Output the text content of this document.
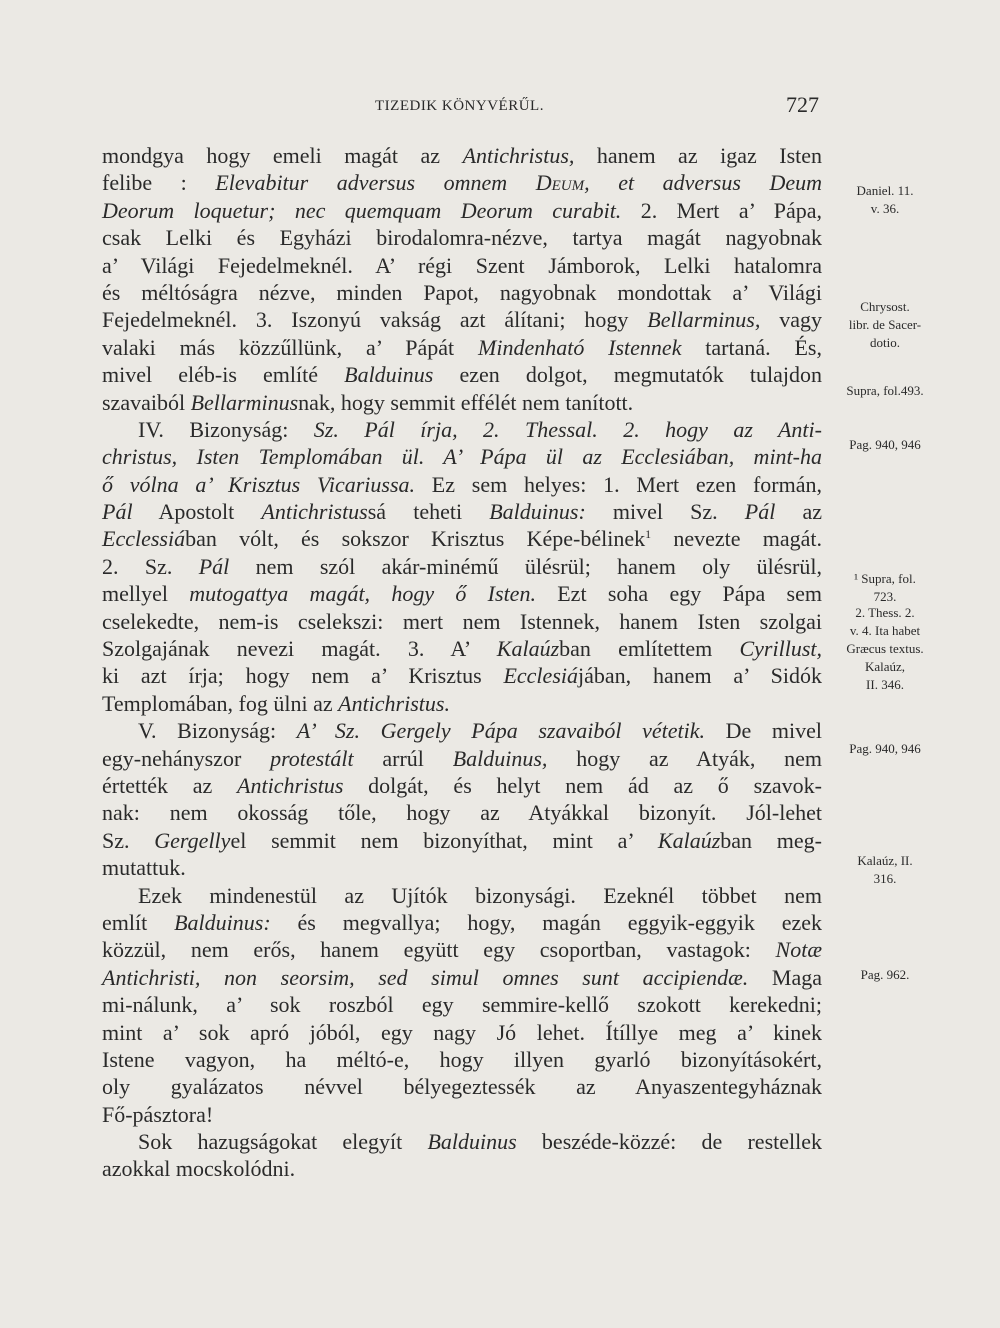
TIZEDIK KÖNYVÉRŰL.	727
mondgya hogy emeli magát az Antichristus, hanem az igaz Isten
felibe : Elevabitur adversus omnem Deum, et adversus Deum
Deorum loquetur; nec quemquam Deorum curabit. 2. Mert a’ Pápa,
csak Lelki és Egyházi birodalomra-nézve, tartya magát nagyobnak
a’ Világi Fejedelmeknél. A’ régi Szent Jámborok, Lelki hatalomra
és méltóságra nézve, minden Papot, nagyobnak mondottak a’ Világi
Fejedelmeknél. 3. Iszonyú vakság azt álítani; hogy Bellarminus, vagy
valaki más közzűllünk, a’ Pápát Mindenható Istennek tartaná. És,
mivel eléb-is említé Balduinus ezen dolgot, megmutatók tulajdon
szavaiból Bellarminusnak, hogy semmit effélét nem tanított.
IV. Bizonyság: Sz. Pál írja, 2. Thessal. 2. hogy az Anti-
christus, Isten Templomában ül. A’ Pápa ül az Ecclesiában, mint-ha
ő vólna a’ Krisztus Vicariussa. Ez sem helyes: 1. Mert ezen formán,
Pál Apostolt Antichristussá teheti Balduinus: mivel Sz. Pál az
Ecclessiában vólt, és sokszor Krisztus Képe-bélinek$^1$ nevezte magát.
2. Sz. Pál nem szól akár-minémű ülésrül; hanem oly ülésrül,
mellyel mutogattya magát, hogy ő Isten. Ezt soha egy Pápa sem
cselekedte, nem-is cselekszi: mert nem Istennek, hanem Isten szolgai
Szolgajának nevezi magát. 3. A’ Kalaúzban említettem Cyrillust,
ki azt írja; hogy nem a’ Krisztus Ecclesiájában, hanem a’ Sidók
Templomában, fog ülni az Antichristus.
V. Bizonyság: A’ Sz. Gergely Pápa szavaiból vétetik. De mivel
egy-nehányszor protestált arrúl Balduinus, hogy az Atyák, nem
értették az Antichristus dolgát, és helyt nem ád az ő szavok-
nak: nem okosság tőle, hogy az Atyákkal bizonyít. Jól-lehet
Sz. Gergellyel semmit nem bizonyíthat, mint a’ Kalaúzban meg-
mutattuk.
Ezek mindenestül az Ujítók bizonysági. Ezeknél többet nem
említ Balduinus: és megvallya; hogy, magán eggyik-eggyik ezek
közzül, nem erős, hanem együtt egy csoportban, vastagok: Notæ
Antichristi, non seorsim, sed simul omnes sunt accipiendæ. Maga
mi-nálunk, a’ sok roszból egy semmire-kellő szokott kerekedni;
mint a’ sok apró jóból, egy nagy Jó lehet. Ítíllye meg a’ kinek
Istene vagyon, ha méltó-e, hogy illyen gyarló bizonyításokért,
oly gyalázatos névvel bélyegeztessék az Anyaszentegyháznak
Fő-pásztora!
Sok hazugságokat elegyít Balduinus beszéde-közzé: de restellek
azokkal mocskolódni.
Daniel. 11.
v. 36.
Chrysost.
libr. de Sacer-
dotio.
Supra, fol.493.
Pag. 940, 946
¹ Supra, fol.
723.
2. Thess. 2.
v. 4. Ita habet
Græcus textus.
Kalaúz,
II. 346.
Pag. 940, 946
Kalaúz, II.
316.
Pag. 962.
